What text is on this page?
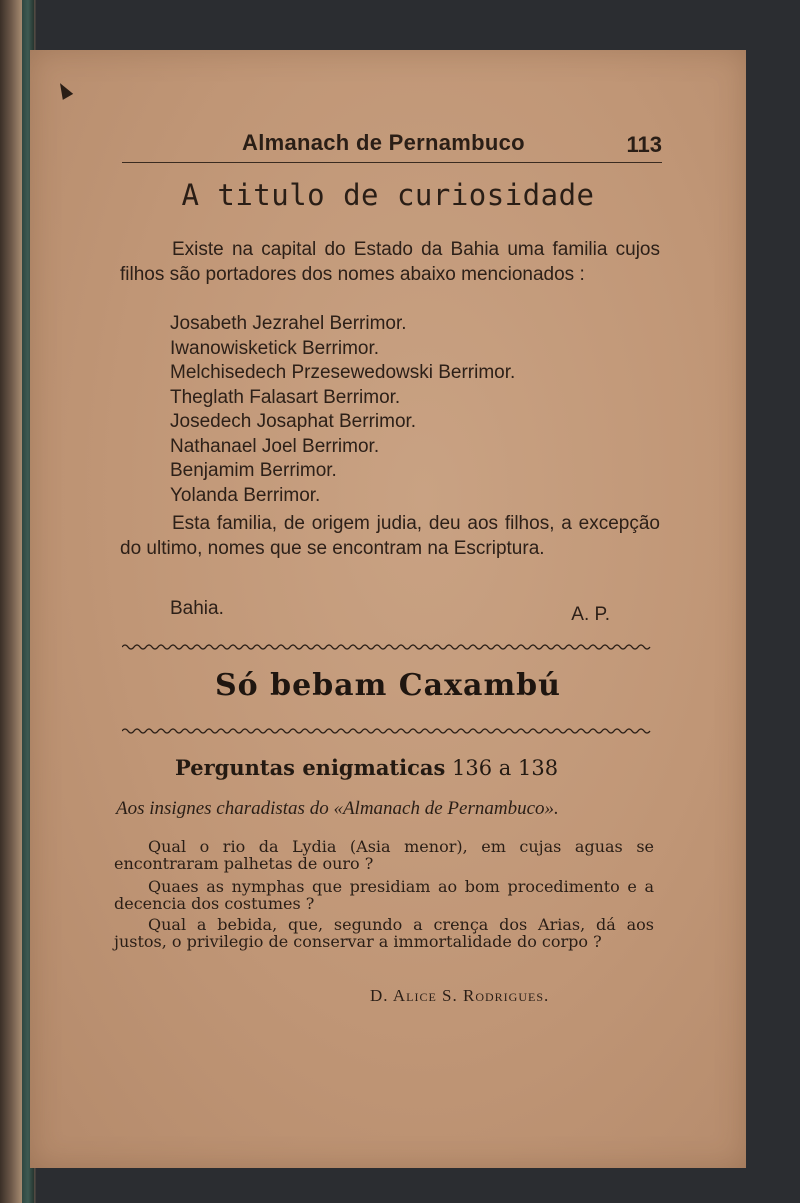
Almanach de Pernambuco	113
A titulo de curiosidade

Existe na capital do Estado da Bahia uma familia cujos filhos são portadores dos nomes abaixo mencionados :

Josabeth Jezrahel Berrimor.
Iwanowisketick Berrimor.
Melchisedech Przesewedowski Berrimor.
Theglath Falasart Berrimor.
Josedech Josaphat Berrimor.
Nathanael Joel Berrimor.
Benjamim Berrimor.
Yolanda Berrimor.

Esta familia, de origem judia, deu aos filhos, a excepção do ultimo, nomes que se encontram na Escriptura.

Bahia.	A. P.
Só bebam Caxambú
Perguntas enigmaticas 136 a 138
Aos insignes charadistas do «Almanach de Pernambuco».

Qual o rio da Lydia (Asia menor), em cujas aguas se encontraram palhetas de ouro ?

Quaes as nymphas que presidiam ao bom procedimento e a decencia dos costumes ?

Qual a bebida, que, segundo a crença dos Arias, dá aos justos, o privilegio de conservar a immortalidade do corpo ?

D. Alice S. Rodrigues.
